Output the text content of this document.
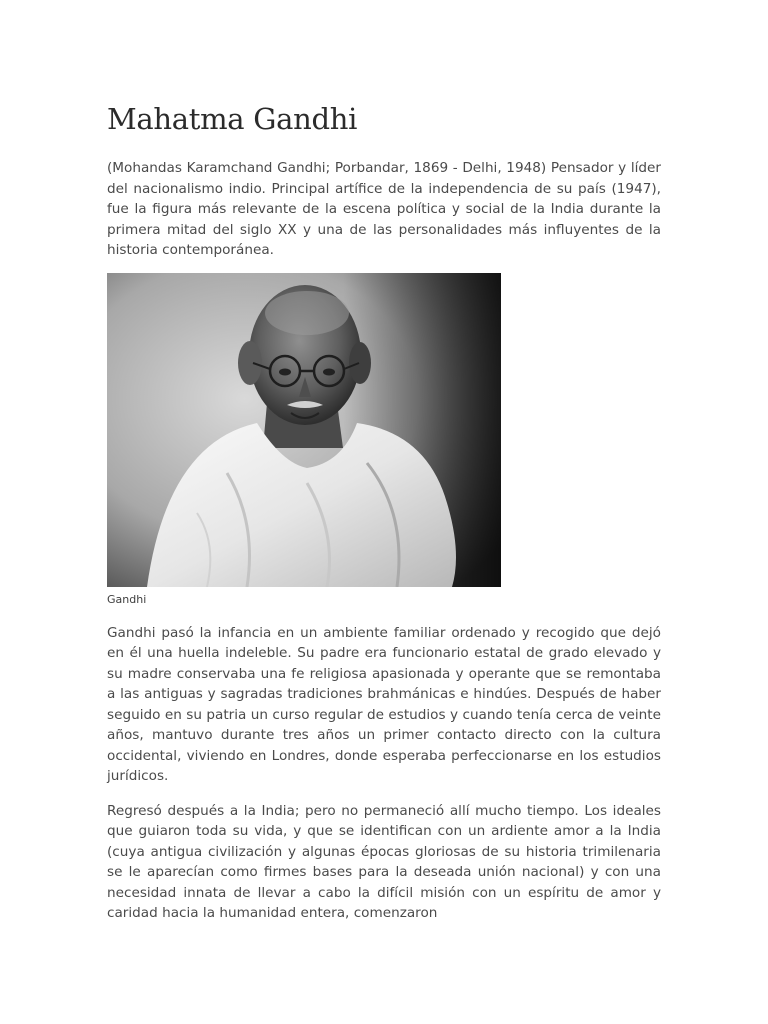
Mahatma Gandhi

(Mohandas Karamchand Gandhi; Porbandar, 1869 - Delhi, 1948) Pensador y líder del nacionalismo indio. Principal artífice de la independencia de su país (1947), fue la figura más relevante de la escena política y social de la India durante la primera mitad del siglo XX y una de las personalidades más influyentes de la historia contemporánea.

Gandhi

Gandhi pasó la infancia en un ambiente familiar ordenado y recogido que dejó en él una huella indeleble. Su padre era funcionario estatal de grado elevado y su madre conservaba una fe religiosa apasionada y operante que se remontaba a las antiguas y sagradas tradiciones brahmánicas e hindúes. Después de haber seguido en su patria un curso regular de estudios y cuando tenía cerca de veinte años, mantuvo durante tres años un primer contacto directo con la cultura occidental, viviendo en Londres, donde esperaba perfeccionarse en los estudios jurídicos.

Regresó después a la India; pero no permaneció allí mucho tiempo. Los ideales que guiaron toda su vida, y que se identifican con un ardiente amor a la India (cuya antigua civilización y algunas épocas gloriosas de su historia trimilenaria se le aparecían como firmes bases para la deseada unión nacional) y con una necesidad innata de llevar a cabo la difícil misión con un espíritu de amor y caridad hacia la humanidad entera, comenzaron
